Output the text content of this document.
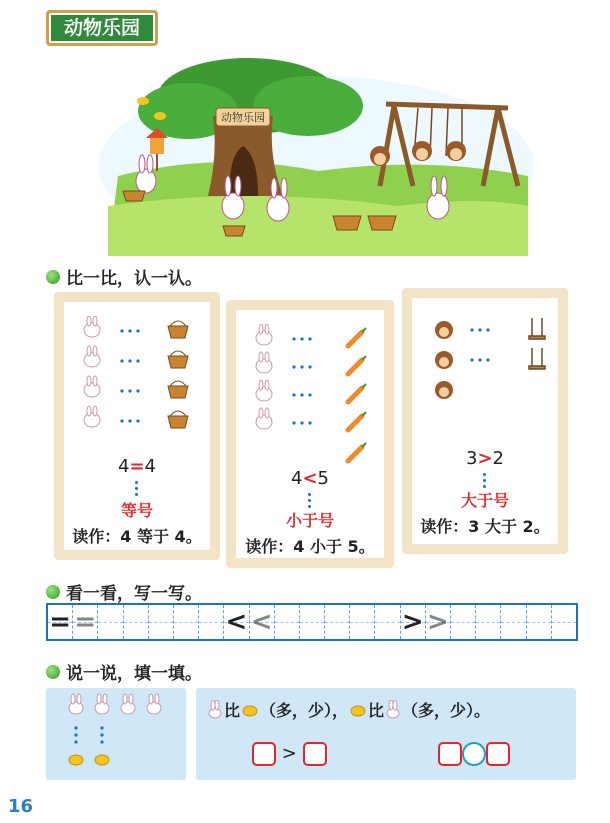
动物乐园
动物乐园
比一比，认一认。
4=4
等号
读作：4 等于 4。
4<5
小于号
读作：4 小于 5。
3>2
大于号
读作：3 大于 2。
看一看，写一写。
= =	< <	> >
说一说，填一填。
比 （多，少）， 比 （多，少）。
>
16
